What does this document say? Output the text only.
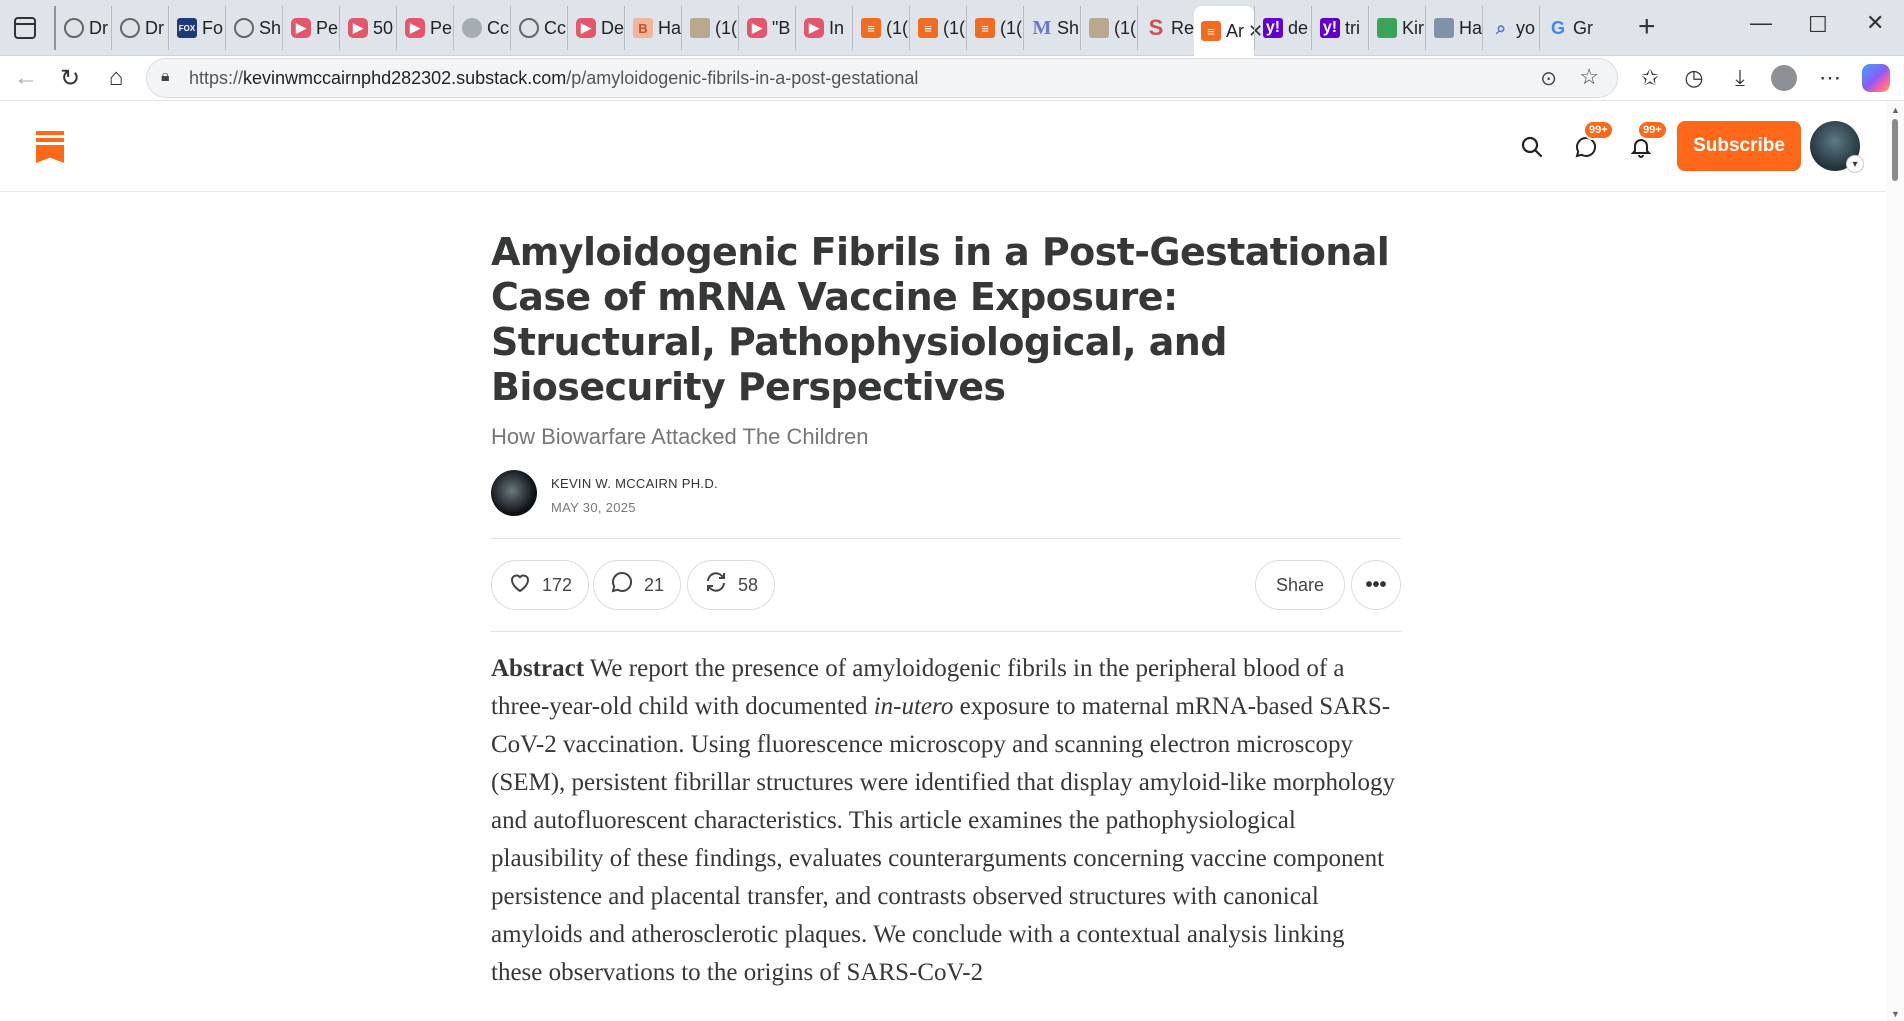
Dr Dr FOX Fo Sh	▶ Pe	▶ 50	▶ Pe Cc Cc	▶ De	B Ha (1(	▶ "B	▶ In	≡ (1(	≡ (1(	≡ (1( M Sh (1( S Re	≡ Ar ✕ y! de y! tri Kir Ha ⌕ yo G Gr +	— ☐ ✕
← ↻	⌂	🔒︎ https://kevinwmccairnphd282302.substack.com/p/amyloidogenic-fibrils-in-a-post-gestational	⊙ ☆	✩	◷	⤓	⋯
99+	99+
Subscribe
▾
▲
▼
Amyloidogenic Fibrils in a Post-Gestational Case of mRNA Vaccine Exposure: Structural, Pathophysiological, and Biosecurity Perspectives
How Biowarfare Attacked The Children
KEVIN W. MCCAIRN PH.D.
MAY 30, 2025
172	21	58	Share	•••

Abstract We report the presence of amyloidogenic fibrils in the peripheral blood of a three-year-old child with documented in-utero exposure to maternal mRNA-based SARS-CoV-2 vaccination. Using fluorescence microscopy and scanning electron microscopy (SEM), persistent fibrillar structures were identified that display amyloid-like morphology and autofluorescent characteristics. This article examines the pathophysiological plausibility of these findings, evaluates counterarguments concerning vaccine component persistence and placental transfer, and contrasts observed structures with canonical amyloids and atherosclerotic plaques. We conclude with a contextual analysis linking these observations to the origins of SARS-CoV-2
